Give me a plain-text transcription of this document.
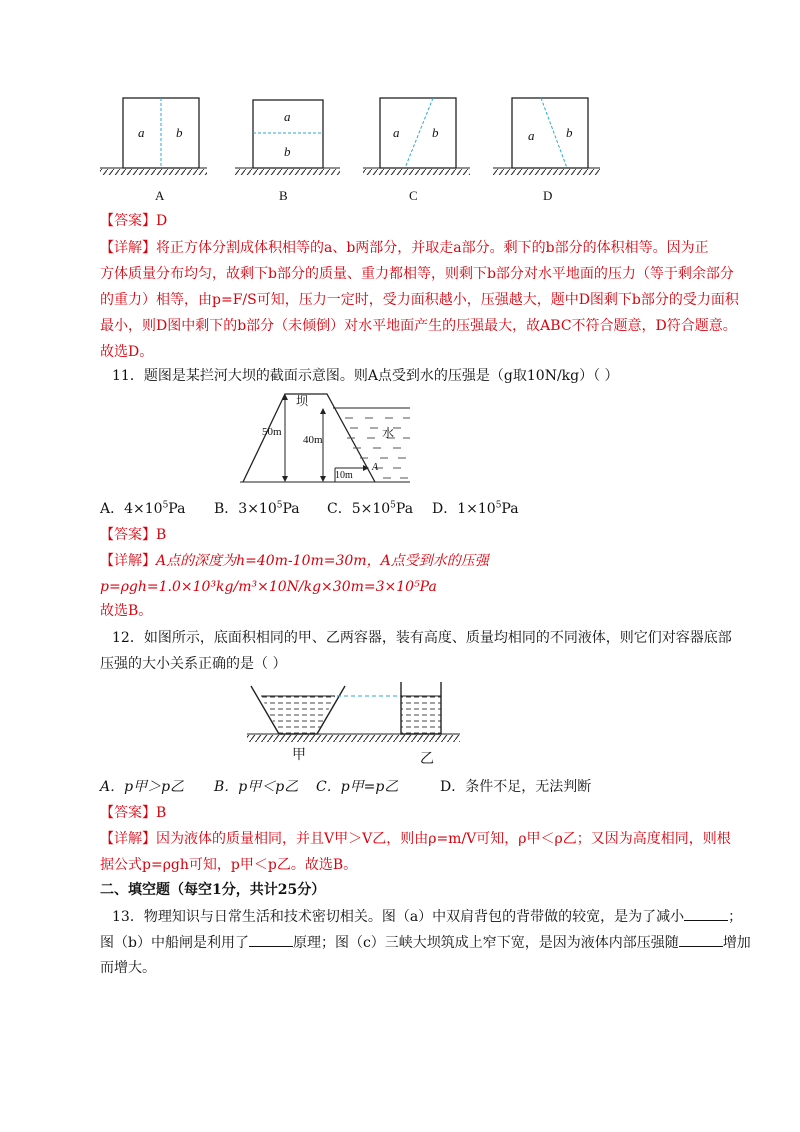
a b
a
b
a	b	a b
A	B	C	D
【答案】D
【详解】将正方体分割成体积相等的a、b两部分，并取走a部分。剩下的b部分的体积相等。因为正
方体质量分布均匀，故剩下b部分的质量、重力都相等，则剩下b部分对水平地面的压力（等于剩余部分
的重力）相等，由p=F/S可知，压力一定时，受力面积越小，压强越大，题中D图剩下b部分的受力面积
最小，则D图中剩下的b部分（未倾倒）对水平地面产生的压强最大，故ABC不符合题意，D符合题意。
故选D。
11．题图是某拦河大坝的截面示意图。则A点受到水的压强是（g取10N/kg）（ ）
坝
水
50m
40m
10m
A
A．$4\times 10^5Pa$ B．$3\times 10^5Pa$ C．$5\times 10^5Pa$ D．$1\times 10^5Pa$
【答案】B
【详解】A点的深度为h=40m-10m=30m，A点受到水的压强
p=ρgh=1.0×10³kg/m³×10N/kg×30m=3×10⁵Pa
故选B。
12．如图所示，底面积相同的甲、乙两容器，装有高度、质量均相同的不同液体，则它们对容器底部
压强的大小关系正确的是（ ）
甲	乙
A．p甲＞p乙 B．p甲＜p乙 C．p甲=p乙	D．条件不足，无法判断
【答案】B
【详解】因为液体的质量相同，并且V甲＞V乙，则由ρ=m/V可知，ρ甲＜ρ乙；又因为高度相同，则根
据公式p=ρgh可知，p甲＜p乙。故选B。
二、填空题（每空1分，共计25分）
13．物理知识与日常生活和技术密切相关。图（a）中双肩背包的背带做的较宽，是为了减小	；
图（b）中船闸是利用了	原理；图（c）三峡大坝筑成上窄下宽，是因为液体内部压强随	增加
而增大。
